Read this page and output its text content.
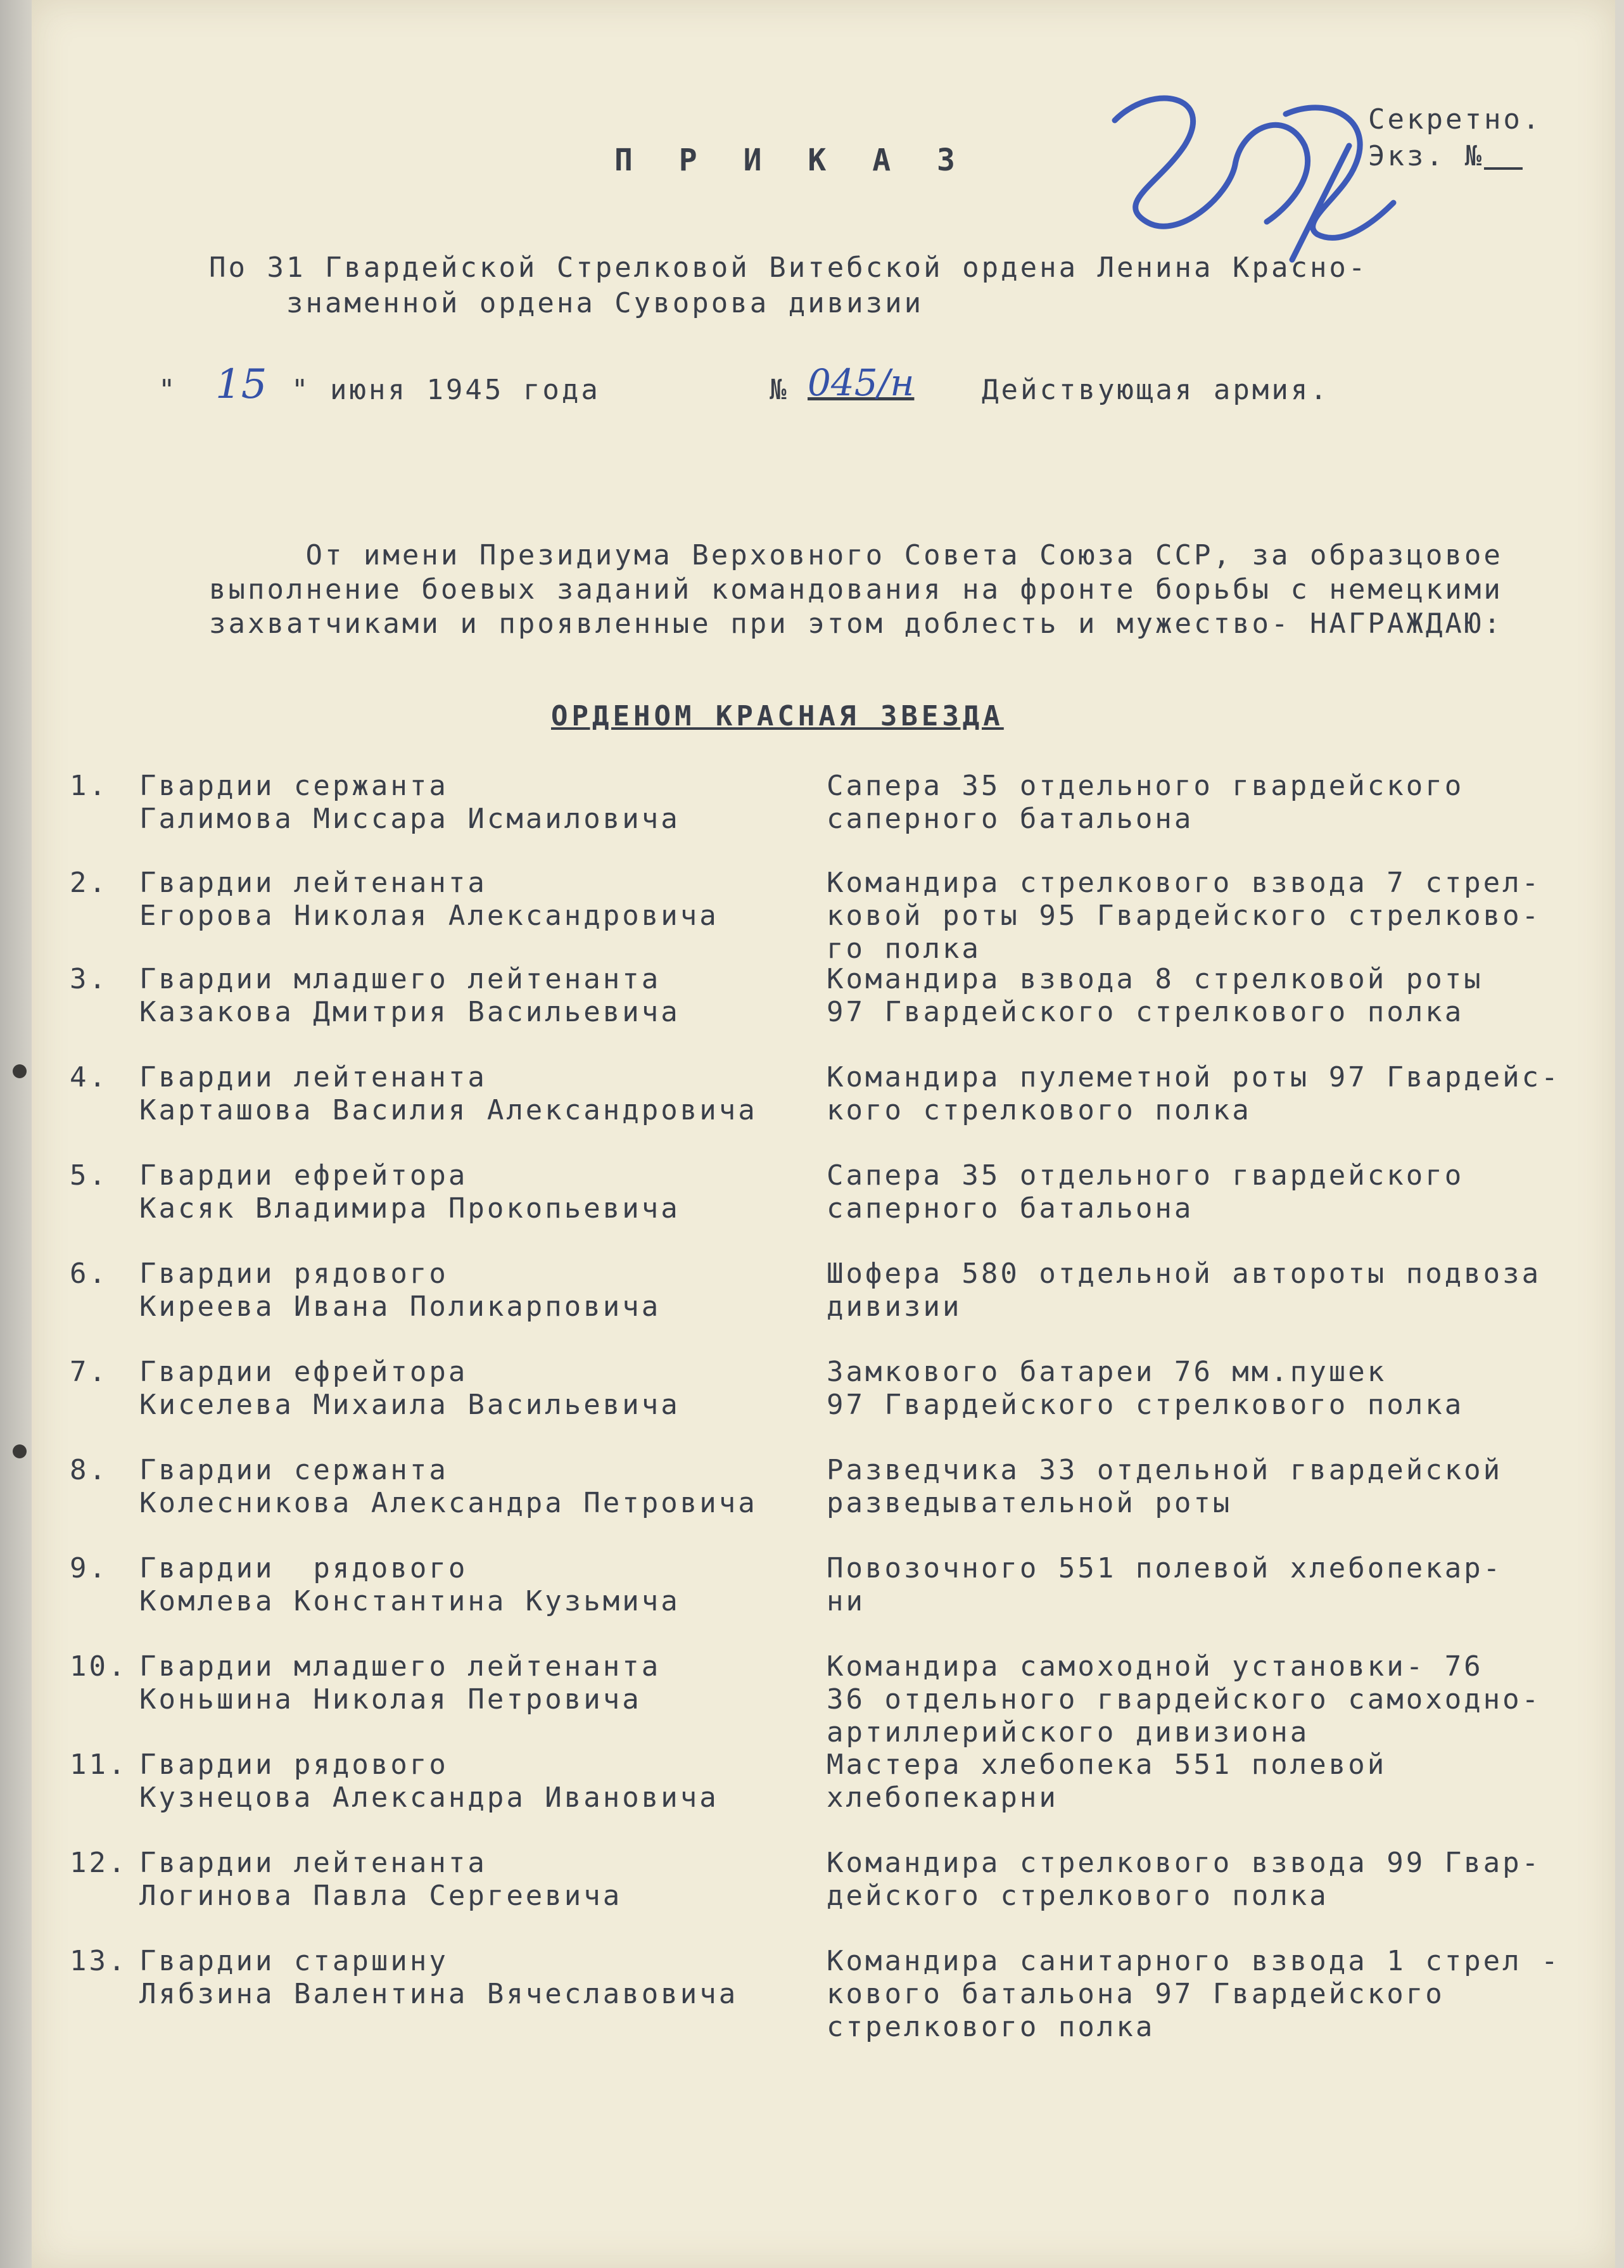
П Р И К А З
Секретно.
Экз. №
По 31 Гвардейской Стрелковой Витебской ордена Ленина Красно-
знаменной ордена Суворова дивизии
" 15 " июня 1945 года	№ 045/н Действующая армия.
От имени Президиума Верховного Совета Союза ССР, за образцовое
выполнение боевых заданий командования на фронте борьбы с немецкими
захватчиками и проявленные при этом доблесть и мужество- НАГРАЖДАЮ:
ОРДЕНОМ КРАСНАЯ ЗВЕЗДА
1. Гвардии сержанта
Галимова Миссара Исмаиловича
Сапера 35 отдельного гвардейского
саперного батальона
2. Гвардии лейтенанта
Егорова Николая Александровича
Командира стрелкового взвода 7 стрел-
ковой роты 95 Гвардейского стрелково-
го полка
3. Гвардии младшего лейтенанта
Казакова Дмитрия Васильевича
Командира взвода 8 стрелковой роты
97 Гвардейского стрелкового полка
4. Гвардии лейтенанта
Карташова Василия Александровича
Командира пулеметной роты 97 Гвардейс-
кого стрелкового полка
5. Гвардии ефрейтора
Касяк Владимира Прокопьевича
Сапера 35 отдельного гвардейского
саперного батальона
6. Гвардии рядового
Киреева Ивана Поликарповича
Шофера 580 отдельной автороты подвоза
дивизии
7. Гвардии ефрейтора
Киселева Михаила Васильевича
Замкового батареи 76 мм.пушек
97 Гвардейского стрелкового полка
8. Гвардии сержанта
Колесникова Александра Петровича
Разведчика 33 отдельной гвардейской
разведывательной роты
9. Гвардии  рядового
Комлева Константина Кузьмича
Повозочного 551 полевой хлебопекар-
ни
10. Гвардии младшего лейтенанта
Коньшина Николая Петровича
Командира самоходной установки- 76
36 отдельного гвардейского самоходно-
артиллерийского дивизиона
11. Гвардии рядового
Кузнецова Александра Ивановича
Мастера хлебопека 551 полевой
хлебопекарни
12. Гвардии лейтенанта
Логинова Павла Сергеевича
Командира стрелкового взвода 99 Гвар-
дейского стрелкового полка
13. Гвардии старшину
Лябзина Валентина Вячеславовича
Командира санитарного взвода 1 стрел -
кового батальона 97 Гвардейского
стрелкового полка
